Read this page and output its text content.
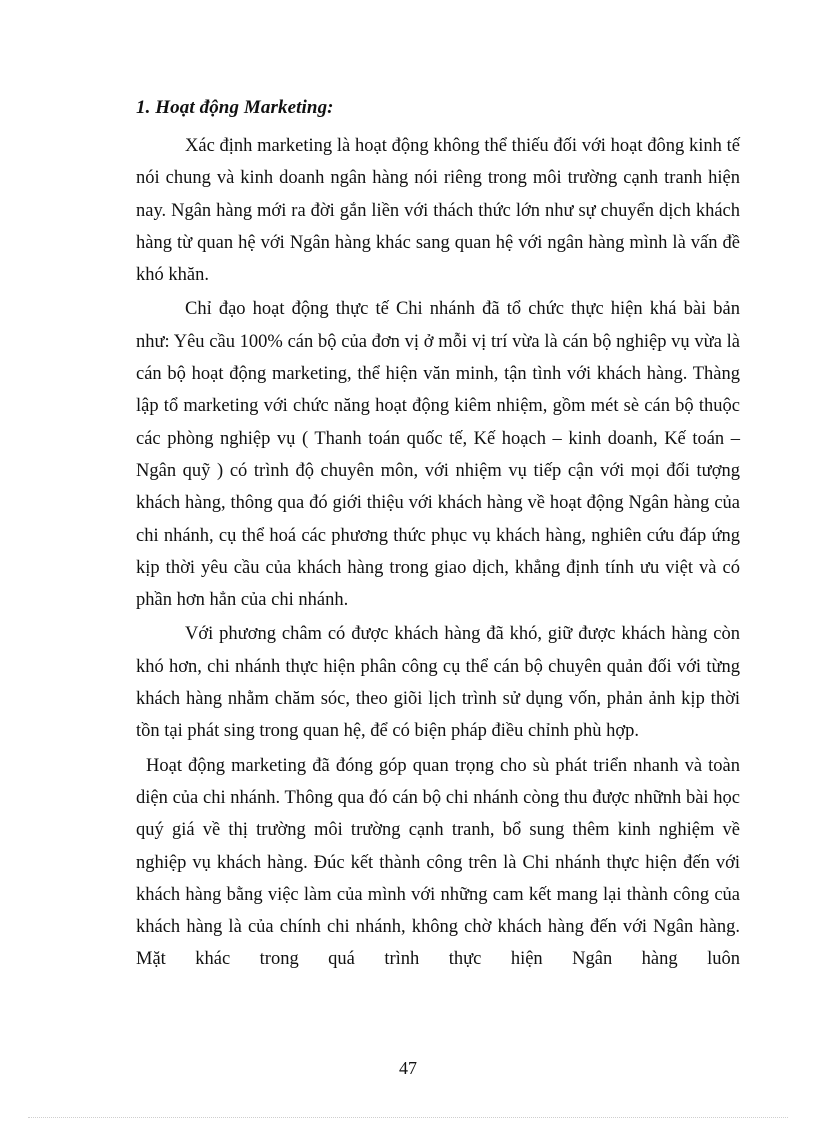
1. Hoạt động Marketing:

Xác định marketing là hoạt động không thể thiếu đối với hoạt đông kinh tế nói chung và kinh doanh ngân hàng nói riêng trong môi trường cạnh tranh hiện nay. Ngân hàng mới ra đời gắn liền với thách thức lớn như sự chuyển dịch khách hàng từ quan hệ với Ngân hàng khác sang quan hệ với ngân hàng mình là vấn đề khó khăn.

Chỉ đạo hoạt động thực tế Chi nhánh đã tổ chức thực hiện khá bài bản như: Yêu cầu 100% cán bộ của đơn vị ở mỗi vị trí vừa là cán bộ nghiệp vụ vừa là cán bộ hoạt động marketing, thể hiện văn minh, tận tình với khách hàng. Thàng lập tổ marketing với chức năng hoạt động kiêm nhiệm, gồm mét sè cán bộ thuộc các phòng nghiệp vụ ( Thanh toán quốc tế, Kế hoạch – kinh doanh, Kế toán – Ngân quỹ ) có trình độ chuyên môn, với nhiệm vụ tiếp cận với mọi đối tượng khách hàng, thông qua đó giới thiệu với khách hàng về hoạt động Ngân hàng của chi nhánh, cụ thể hoá các phương thức phục vụ khách hàng, nghiên cứu đáp ứng kịp thời yêu cầu của khách hàng trong giao dịch, khẳng định tính ưu việt và có phần hơn hẳn của chi nhánh.

Với phương châm có được khách hàng đã khó, giữ được khách hàng còn khó hơn, chi nhánh thực hiện phân công cụ thể cán bộ chuyên quản đối với từng khách hàng nhằm chăm sóc, theo giõi lịch trình sử dụng vốn, phản ảnh kịp thời tồn tại phát sing trong quan hệ, để có biện pháp điều chỉnh phù hợp.

Hoạt động marketing đã đóng góp quan trọng cho sù phát triển nhanh và toàn diện của chi nhánh. Thông qua đó cán bộ chi nhánh còng thu được nhữnh bài học quý giá về thị trường môi trường cạnh tranh, bổ sung thêm kinh nghiệm về nghiệp vụ khách hàng. Đúc kết thành công trên là Chi nhánh thực hiện đến với khách hàng bằng việc làm của mình với những cam kết mang lại thành công của khách hàng là của chính chi nhánh, không chờ khách hàng đến với Ngân hàng. Mặt khác trong quá trình thực hiện Ngân hàng luôn

47
